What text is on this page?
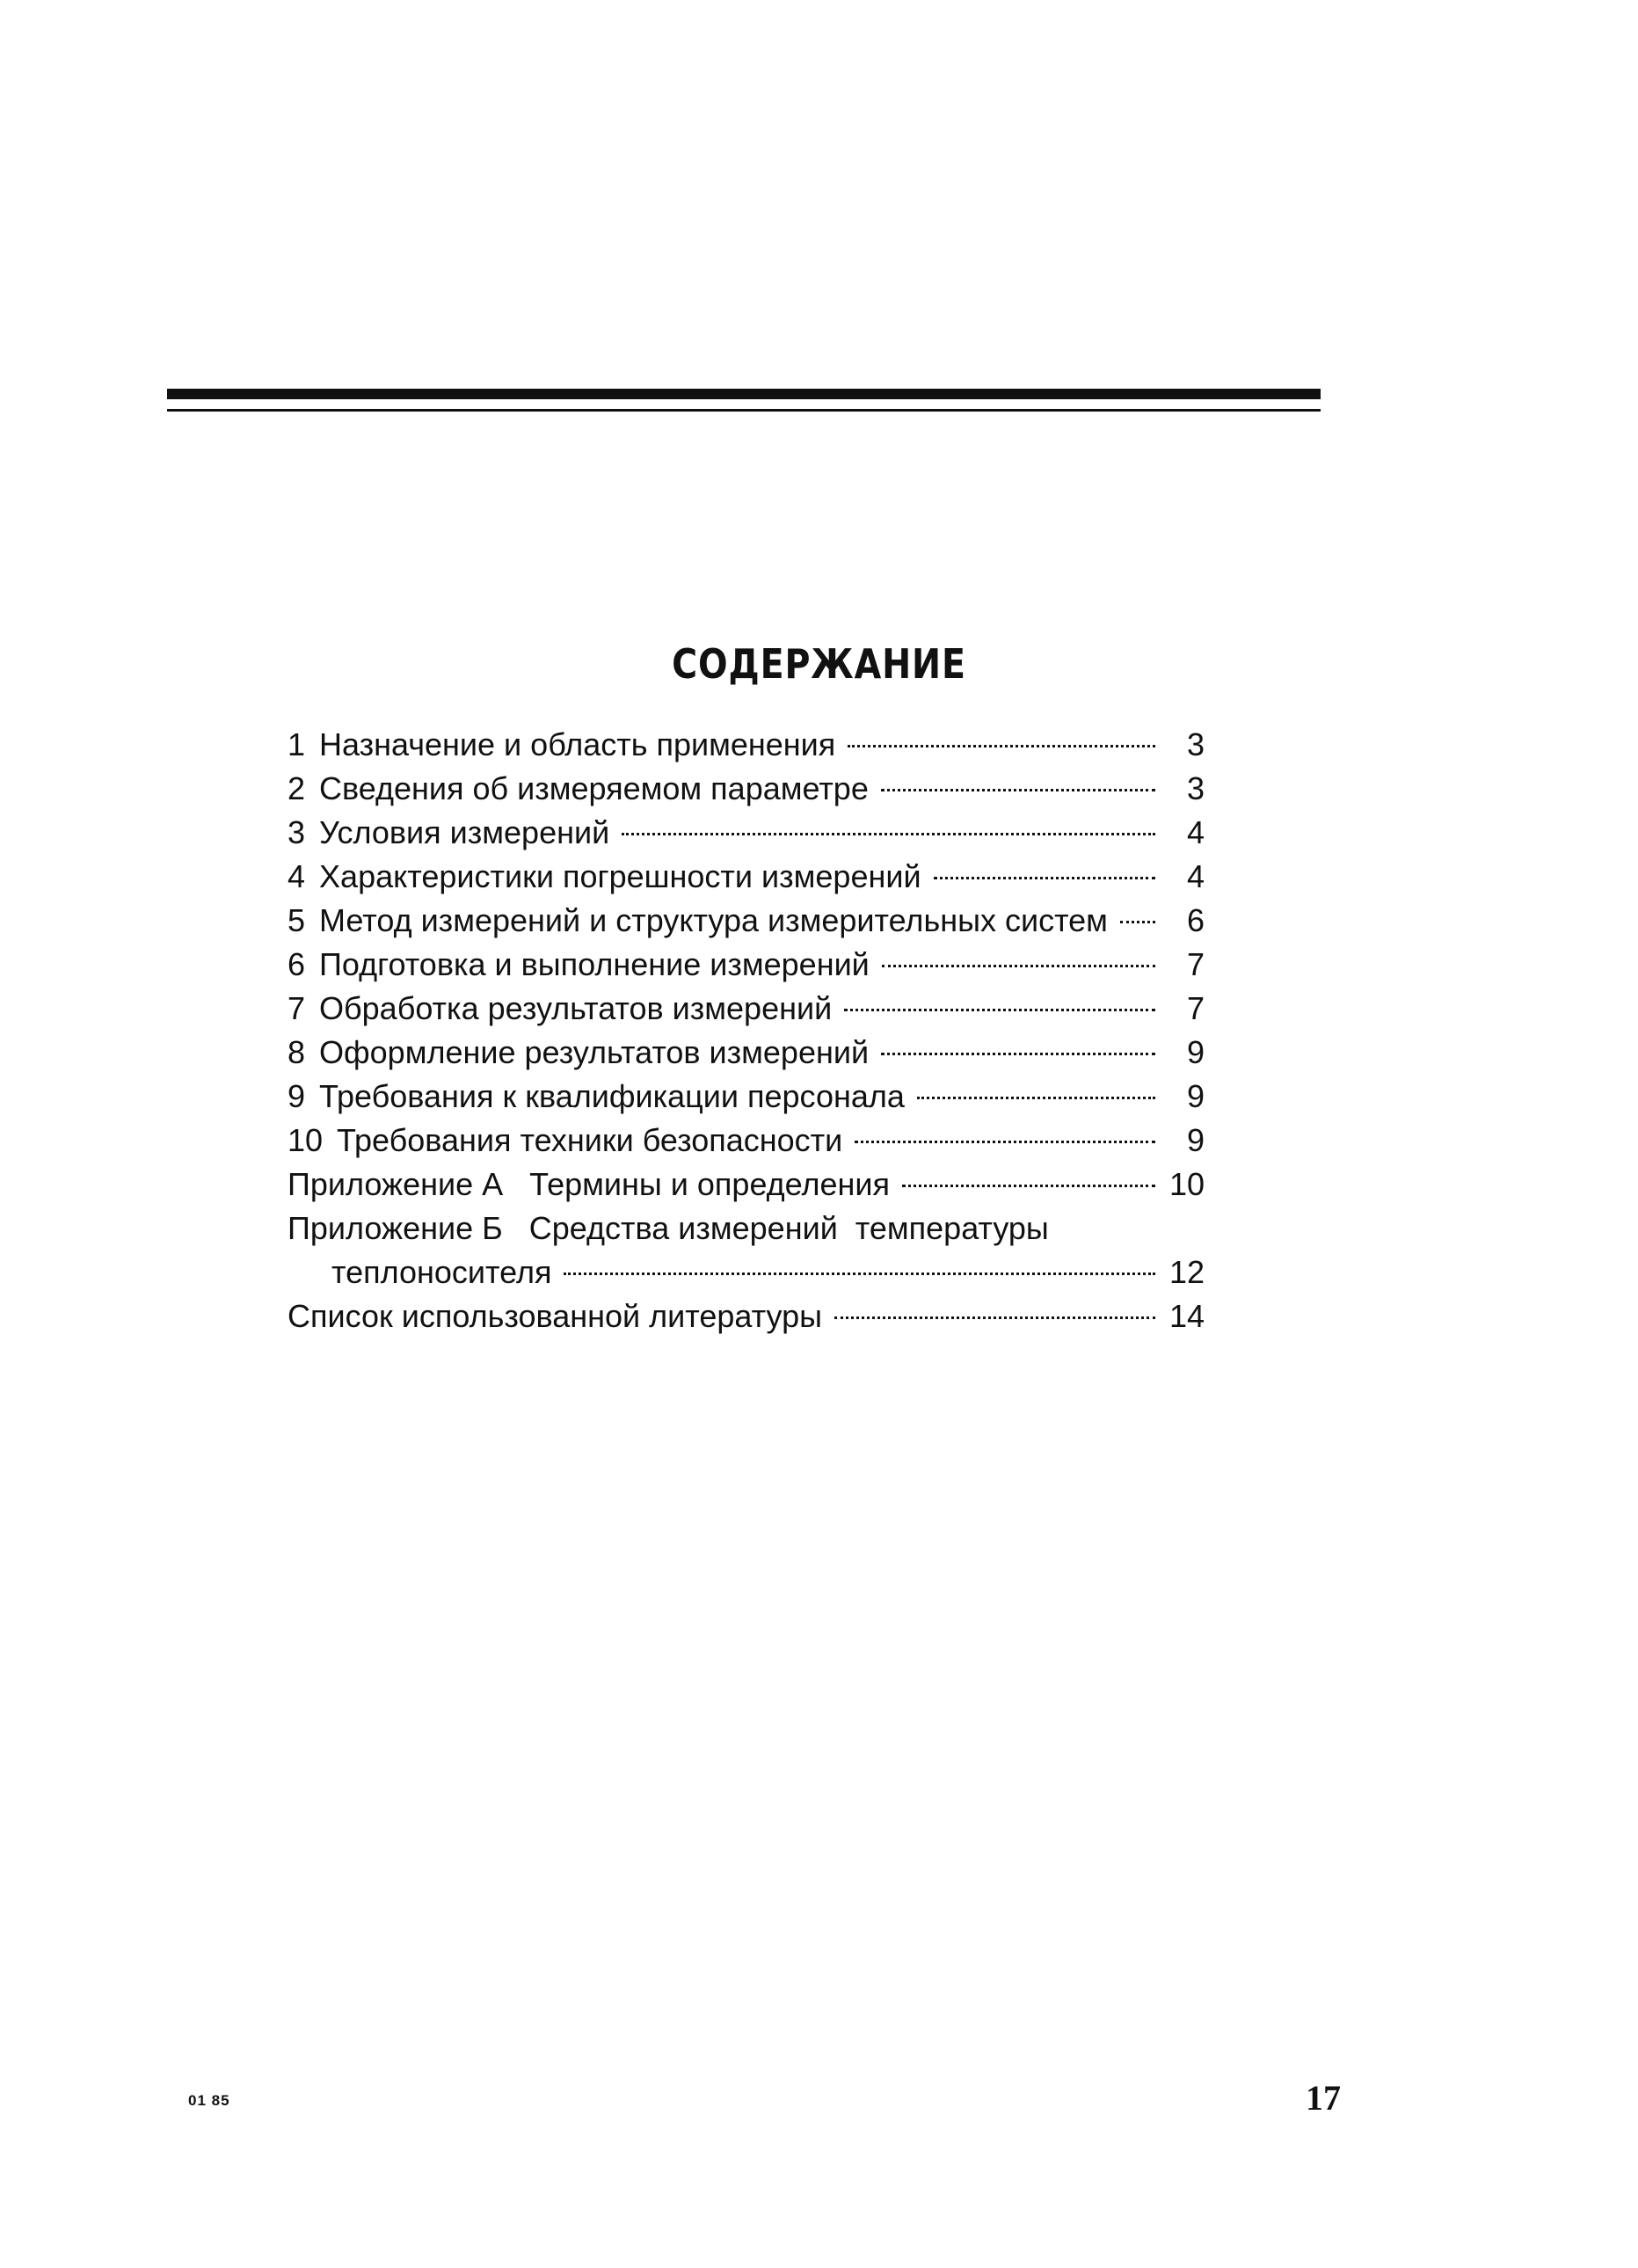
СОДЕРЖАНИЕ
1 Назначение и область применения	3
2 Сведения об измеряемом параметре	3
3 Условия измерений	4
4 Характеристики погрешности измерений	4
5 Метод измерений и структура измерительных систем	6
6 Подготовка и выполнение измерений	7
7 Обработка результатов измерений	7
8 Оформление результатов измерений	9
9 Требования к квалификации персонала	9
10 Требования техники безопасности	9
Приложение А   Термины и определения	10
Приложение Б   Средства измерений  температуры
теплоносителя	12
Список использованной литературы	14
01 85	17
